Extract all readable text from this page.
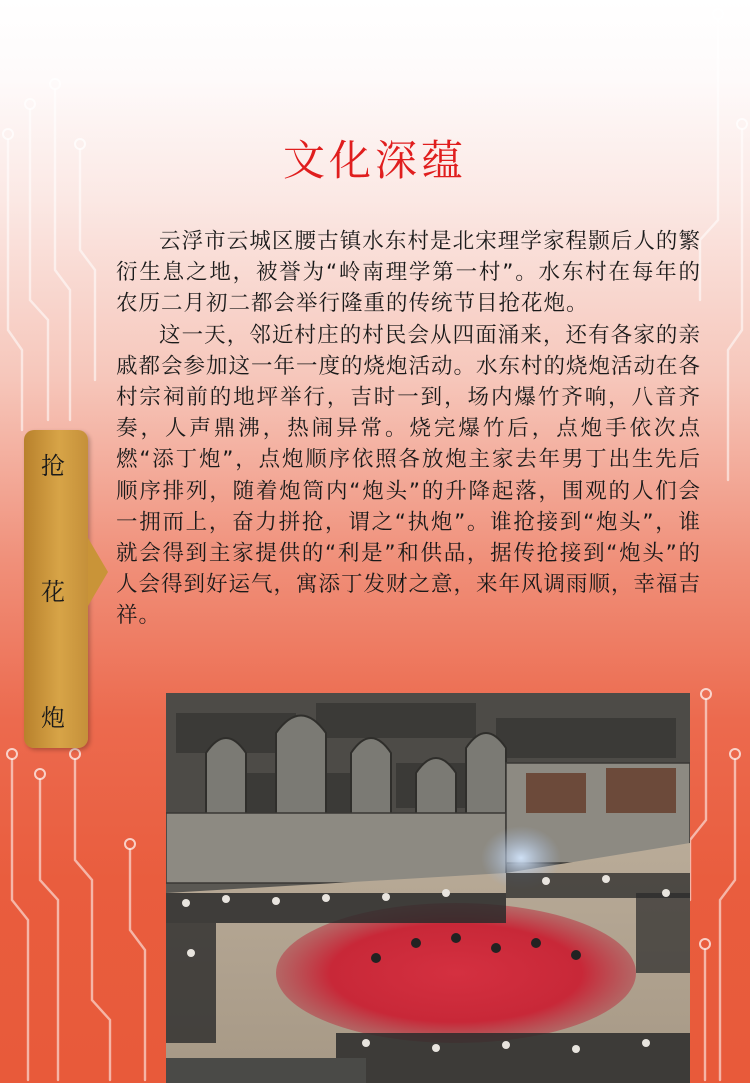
文化深蕴

云浮市云城区腰古镇水东村是北宋理学家程颢后人的繁衍生息之地，被誉为“岭南理学第一村”。水东村在每年的农历二月初二都会举行隆重的传统节目抢花炮。

这一天，邻近村庄的村民会从四面涌来，还有各家的亲戚都会参加这一年一度的烧炮活动。水东村的烧炮活动在各村宗祠前的地坪举行，吉时一到，场内爆竹齐响，八音齐奏，人声鼎沸，热闹异常。烧完爆竹后，点炮手依次点燃“添丁炮”，点炮顺序依照各放炮主家去年男丁出生先后顺序排列，随着炮筒内“炮头”的升降起落，围观的人们会一拥而上，奋力拼抢，谓之“执炮”。谁抢接到“炮头”，谁就会得到主家提供的“利是”和供品，据传抢接到“炮头”的人会得到好运气，寓添丁发财之意，来年风调雨顺，幸福吉祥。

抢
花
炮
